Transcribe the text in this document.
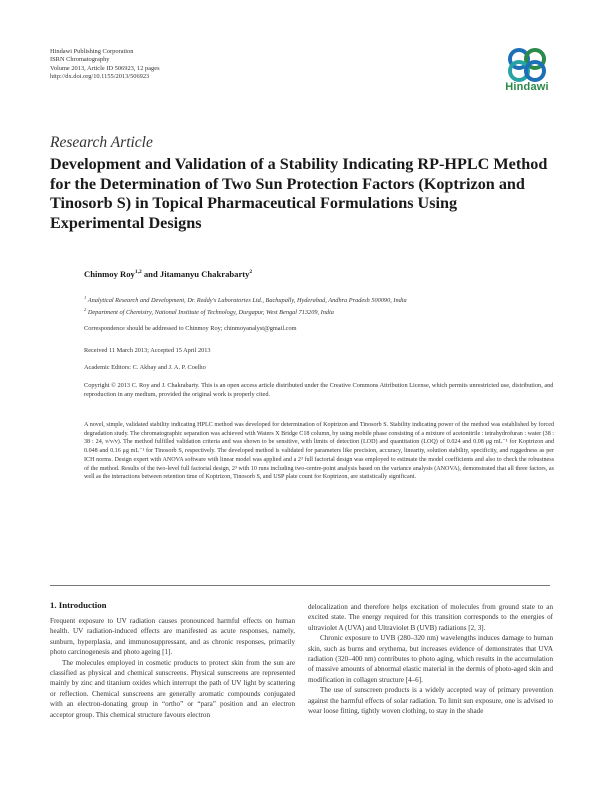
Hindawi Publishing Corporation
ISRN Chromatography
Volume 2013, Article ID 506923, 12 pages
http://dx.doi.org/10.1155/2013/506923
Hindawi
Research Article
Development and Validation of a Stability Indicating RP-HPLC Method for the Determination of Two Sun Protection Factors (Koptrizon and Tinosorb S) in Topical Pharmaceutical Formulations Using Experimental Designs
Chinmoy Roy$^{1,2}$ and Jitamanyu Chakrabarty$^2$
$^1$ Analytical Research and Development, Dr. Reddy's Laboratories Ltd., Bachupally, Hyderabad, Andhra Pradesh 500090, India
$^2$ Department of Chemistry, National Institute of Technology, Durgapur, West Bengal 713209, India
Correspondence should be addressed to Chinmoy Roy; chinmoyanalyst@gmail.com
Received 11 March 2013; Accepted 15 April 2013
Academic Editors: C. Akbay and J. A. P. Coelho
Copyright © 2013 C. Roy and J. Chakrabarty. This is an open access article distributed under the Creative Commons Attribution License, which permits unrestricted use, distribution, and reproduction in any medium, provided the original work is properly cited.
A novel, simple, validated stability indicating HPLC method was developed for determination of Koptrizon and Tinosorb S. Stability indicating power of the method was established by forced degradation study. The chromatographic separation was achieved with Waters X Bridge C18 column, by using mobile phase consisting of a mixture of acetonitrile : tetrahydrofuran : water (38 : 38 : 24, v/v/v). The method fulfilled validation criteria and was shown to be sensitive, with limits of detection (LOD) and quantitation (LOQ) of 0.024 and 0.08 μg mL⁻¹ for Koptrizon and 0.048 and 0.16 μg mL⁻¹ for Tinosorb S, respectively. The developed method is validated for parameters like precision, accuracy, linearity, solution stability, specificity, and ruggedness as per ICH norms. Design expert with ANOVA software with linear model was applied and a 2³ full factorial design was employed to estimate the model coefficients and also to check the robustness of the method. Results of the two-level full factorial design, 2³ with 10 runs including two-centre-point analysis based on the variance analysis (ANOVA), demonstrated that all three factors, as well as the interactions between retention time of Koptrizon, Tinosorb S, and USP plate count for Koptrizon, are statistically significant.
1. Introduction

Frequent exposure to UV radiation causes pronounced harmful effects on human health. UV radiation-induced effects are manifested as acute responses, namely, sunburn, hyperplasia, and immunosuppressant, and as chronic responses, primarily photo carcinogenesis and photo ageing [1].

The molecules employed in cosmetic products to protect skin from the sun are classified as physical and chemical sunscreens. Physical sunscreens are represented mainly by zinc and titanium oxides which interrupt the path of UV light by scattering or reflection. Chemical sunscreens are generally aromatic compounds conjugated with an electron-donating group in “ortho” or “para” position and an electron acceptor group. This chemical structure favours electron

delocalization and therefore helps excitation of molecules from ground state to an excited state. The energy required for this transition corresponds to the energies of ultraviolet A (UVA) and Ultraviolet B (UVB) radiations [2, 3].

Chronic exposure to UVB (280–320 nm) wavelengths induces damage to human skin, such as burns and erythema, but increases evidence of demonstrates that UVA radiation (320–400 nm) contributes to photo aging, which results in the accumulation of massive amounts of abnormal elastic material in the dermis of photo-aged skin and modification in collagen structure [4–6].

The use of sunscreen products is a widely accepted way of primary prevention against the harmful effects of solar radiation. To limit sun exposure, one is advised to wear loose fitting, tightly woven clothing, to stay in the shade
